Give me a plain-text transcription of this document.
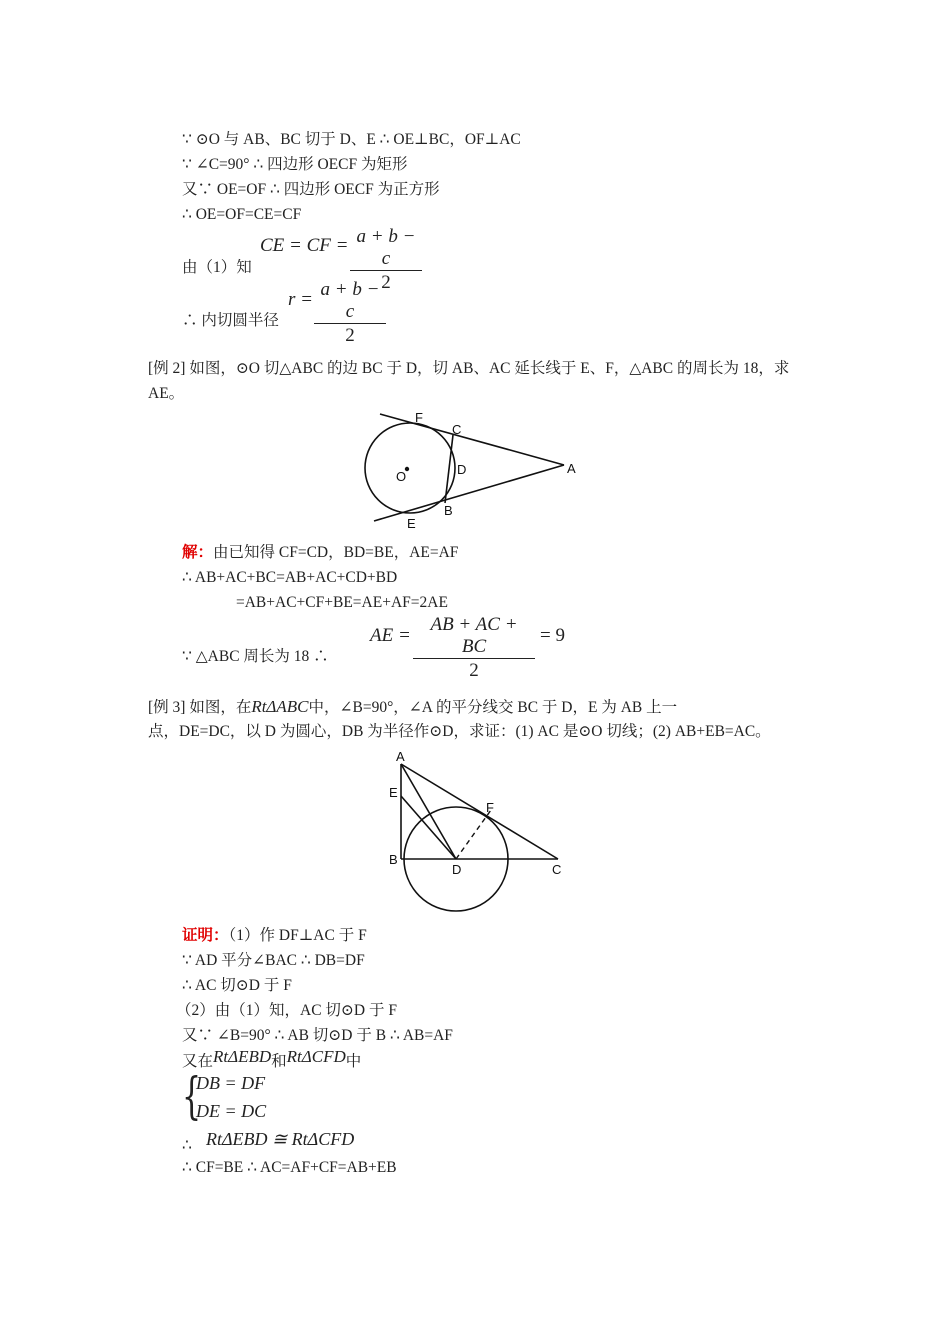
∵ ⊙O 与 AB、BC 切于 D、E ∴ OE⊥BC，OF⊥AC
∵ ∠C=90° ∴ 四边形 OECF 为矩形
又∵ OE=OF ∴ 四边形 OECF 为正方形
∴ OE=OF=CE=CF
由（1）知
CE = CF = $\frac{a + b - c}{2}$
∴ 内切圆半径
$r = \frac{a + b - c}{2}$
[例 2] 如图，⊙O 切△ABC 的边 BC 于 D，切 AB、AC 延长线于 E、F，△ABC 的周长为 18，求
AE。
F
C
O	D	A
B
E
解：由已知得 CF=CD，BD=BE，AE=AF
∴ AB+AC+BC=AB+AC+CD+BD
=AB+AC+CF+BE=AE+AF=2AE
∵ △ABC 周长为 18 ∴
AE = $\frac{AB + AC + BC}{2} = 9$
[例 3] 如图，在RtΔABC中，∠B=90°，∠A 的平分线交 BC 于 D，E 为 AB 上一
点，DE=DC，以 D 为圆心，DB 为半径作⊙D，求证：(1) AC 是⊙O 切线；(2) AB+EB=AC。
A
E
F
B
D	C
证明：（1）作 DF⊥AC 于 F
∵ AD 平分∠BAC ∴ DB=DF
∴ AC 切⊙D 于 F
（2）由（1）知，AC 切⊙D 于 F
又∵ ∠B=90° ∴ AB 切⊙D 于 B ∴ AB=AF
又在RtΔEBD和RtΔCFD中
{
DB = DF
DE = DC
∴ RtΔEBD ≅ RtΔCFD
∴ CF=BE ∴ AC=AF+CF=AB+EB
